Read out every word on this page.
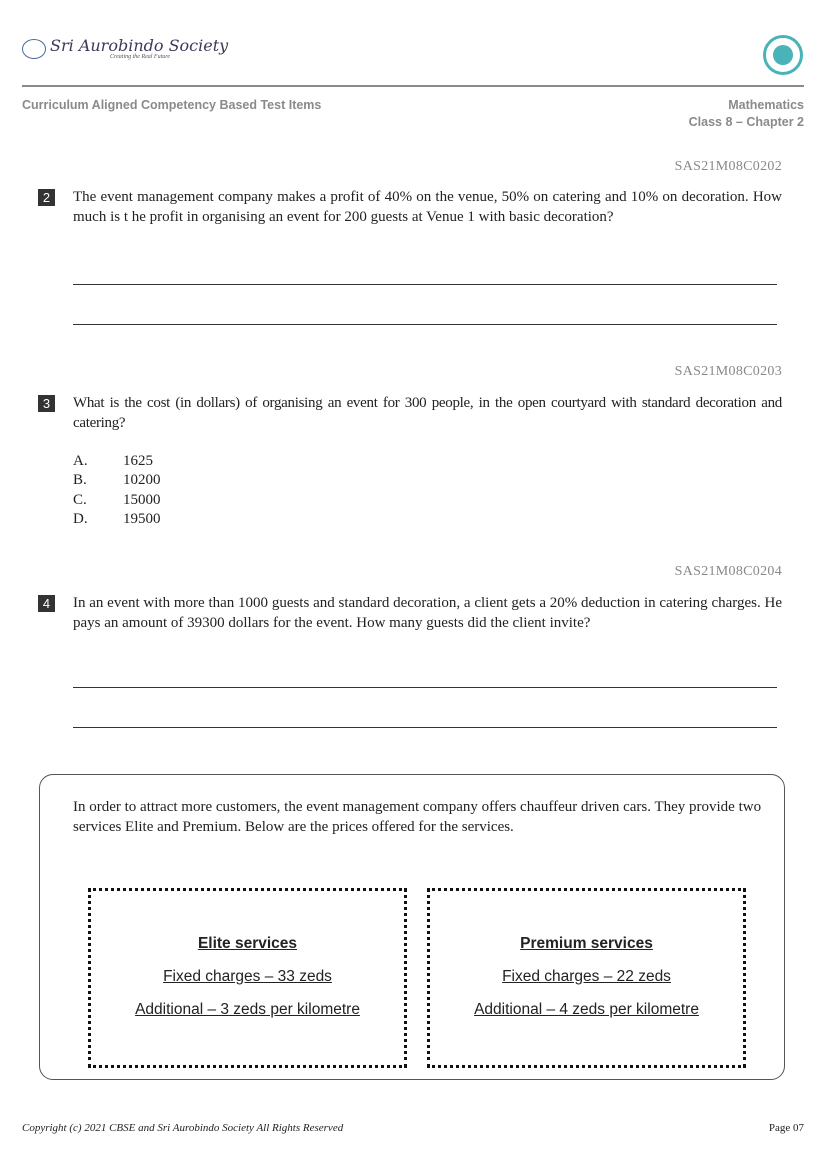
Sri Aurobindo Society
Creating the Real Future
Curriculum Aligned Competency Based Test Items	Mathematics
Class 8 – Chapter 2
SAS21M08C0202
2	The event management company makes a profit of 40% on the venue, 50% on catering and 10% on decoration. How much is t he profit in organising an event for 200 guests at Venue 1 with basic decoration?
SAS21M08C0203
3	What is the cost (in dollars) of organising an event for 300 people, in the open courtyard with standard decoration and catering?
A. 1625
B. 10200
C. 15000
D. 19500
SAS21M08C0204
4	In an event with more than 1000 guests and standard decoration, a client gets a 20% deduction in catering charges. He pays an amount of 39300 dollars for the event. How many guests did the client invite?
In order to attract more customers, the event management company offers chauffeur driven cars. They provide two services Elite and Premium. Below are the prices offered for the services.
Elite services
Fixed charges – 33 zeds
Additional – 3 zeds per kilometre
Premium services
Fixed charges – 22 zeds
Additional – 4 zeds per kilometre
Copyright (c) 2021 CBSE and Sri Aurobindo Society All Rights Reserved	Page 07
